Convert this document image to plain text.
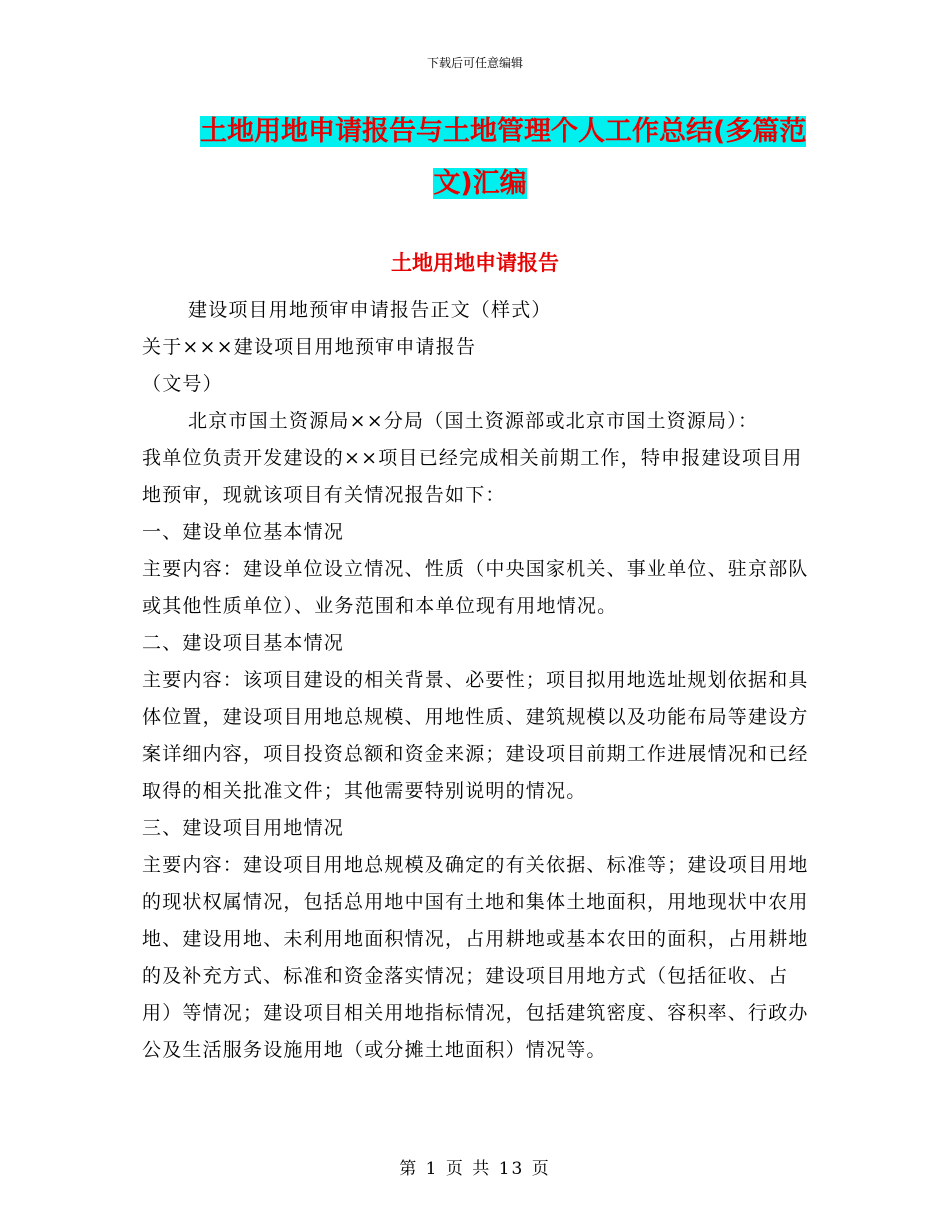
下载后可任意编辑
土地用地申请报告与土地管理个人工作总结(多篇范
文)汇编
土地用地申请报告

建设项目用地预审申请报告正文（样式）

关于×××建设项目用地预审申请报告

（文号）

北京市国土资源局××分局（国土资源部或北京市国土资源局）：

我单位负责开发建设的××项目已经完成相关前期工作，特申报建设项目用地预审，现就该项目有关情况报告如下：

一、建设单位基本情况

主要内容：建设单位设立情况、性质（中央国家机关、事业单位、驻京部队或其他性质单位）、业务范围和本单位现有用地情况。

二、建设项目基本情况

主要内容：该项目建设的相关背景、必要性；项目拟用地选址规划依据和具体位置，建设项目用地总规模、用地性质、建筑规模以及功能布局等建设方案详细内容，项目投资总额和资金来源；建设项目前期工作进展情况和已经取得的相关批准文件；其他需要特别说明的情况。

三、建设项目用地情况

主要内容：建设项目用地总规模及确定的有关依据、标准等；建设项目用地的现状权属情况，包括总用地中国有土地和集体土地面积，用地现状中农用地、建设用地、未利用地面积情况，占用耕地或基本农田的面积，占用耕地的及补充方式、标准和资金落实情况；建设项目用地方式（包括征收、占用）等情况；建设项目相关用地指标情况，包括建筑密度、容积率、行政办公及生活服务设施用地（或分摊土地面积）情况等。

第 1 页 共 13 页
